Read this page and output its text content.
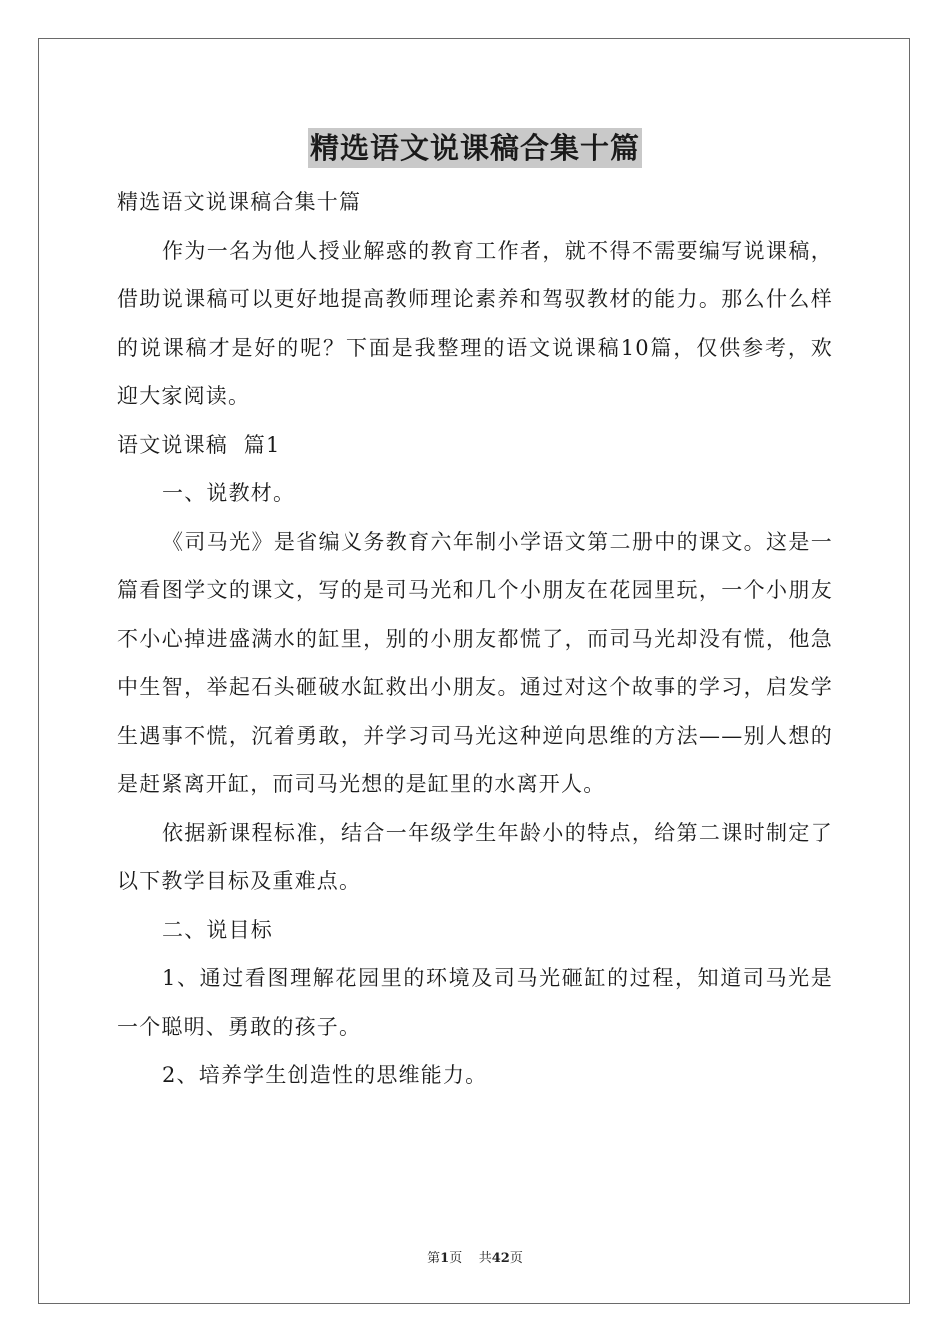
精选语文说课稿合集十篇

精选语文说课稿合集十篇

作为一名为他人授业解惑的教育工作者，就不得不需要编写说课稿，借助说课稿可以更好地提高教师理论素养和驾驭教材的能力。那么什么样的说课稿才是好的呢？下面是我整理的语文说课稿10篇，仅供参考，欢迎大家阅读。

语文说课稿  篇1

一、说教材。

《司马光》是省编义务教育六年制小学语文第二册中的课文。这是一篇看图学文的课文，写的是司马光和几个小朋友在花园里玩，一个小朋友不小心掉进盛满水的缸里，别的小朋友都慌了，而司马光却没有慌，他急中生智，举起石头砸破水缸救出小朋友。通过对这个故事的学习，启发学生遇事不慌，沉着勇敢，并学习司马光这种逆向思维的方法——别人想的是赶紧离开缸，而司马光想的是缸里的水离开人。

依据新课程标准，结合一年级学生年龄小的特点，给第二课时制定了以下教学目标及重难点。

二、说目标

1、通过看图理解花园里的环境及司马光砸缸的过程，知道司马光是一个聪明、勇敢的孩子。

2、培养学生创造性的思维能力。

第1页    共42页
